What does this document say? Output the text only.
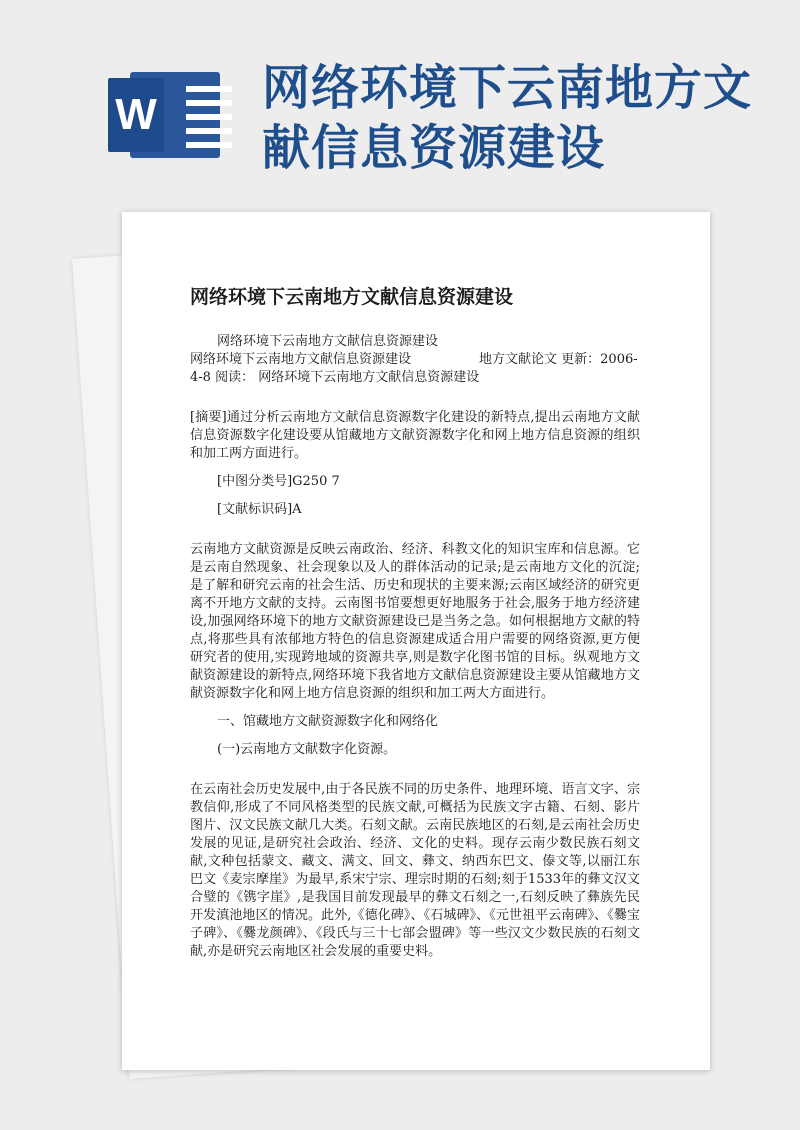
W 网络环境下云南地方文献信息资源建设
网络环境下云南地方文献信息资源建设

网络环境下云南地方文献信息资源建设

网络环境下云南地方文献信息资源建设	地方文献论文 更新：2006-

4-8 阅读： 网络环境下云南地方文献信息资源建设

[摘要]通过分析云南地方文献信息资源数字化建设的新特点,提出云南地方文献信息资源数字化建设要从馆藏地方文献资源数字化和网上地方信息资源的组织和加工两方面进行。

[中图分类号]G250 7

[文献标识码]A

云南地方文献资源是反映云南政治、经济、科教文化的知识宝库和信息源。它是云南自然现象、社会现象以及人的群体活动的记录;是云南地方文化的沉淀;是了解和研究云南的社会生活、历史和现状的主要来源;云南区域经济的研究更离不开地方文献的支持。云南图书馆要想更好地服务于社会,服务于地方经济建设,加强网络环境下的地方文献资源建设已是当务之急。如何根据地方文献的特点,将那些具有浓郁地方特色的信息资源建成适合用户需要的网络资源,更方便研究者的使用,实现跨地域的资源共享,则是数字化图书馆的目标。纵观地方文献资源建设的新特点,网络环境下我省地方文献信息资源建设主要从馆藏地方文献资源数字化和网上地方信息资源的组织和加工两大方面进行。

一、馆藏地方文献资源数字化和网络化

(一)云南地方文献数字化资源。

在云南社会历史发展中,由于各民族不同的历史条件、地理环境、语言文字、宗教信仰,形成了不同风格类型的民族文献,可概括为民族文字古籍、石刻、影片图片、汉文民族文献几大类。石刻文献。云南民族地区的石刻,是云南社会历史发展的见证,是研究社会政治、经济、文化的史料。现存云南少数民族石刻文献,文种包括蒙文、藏文、满文、回文、彝文、纳西东巴文、傣文等,以丽江东巴文《麦宗摩崖》为最早,系宋宁宗、理宗时期的石刻;刻于1533年的彝文汉文合璧的《镌字崖》,是我国目前发现最早的彝文石刻之一,石刻反映了彝族先民开发滇池地区的情况。此外,《德化碑》、《石城碑》、《元世祖平云南碑》、《爨宝子碑》、《爨龙颜碑》、《段氏与三十七部会盟碑》等一些汉文少数民族的石刻文献,亦是研究云南地区社会发展的重要史料。
